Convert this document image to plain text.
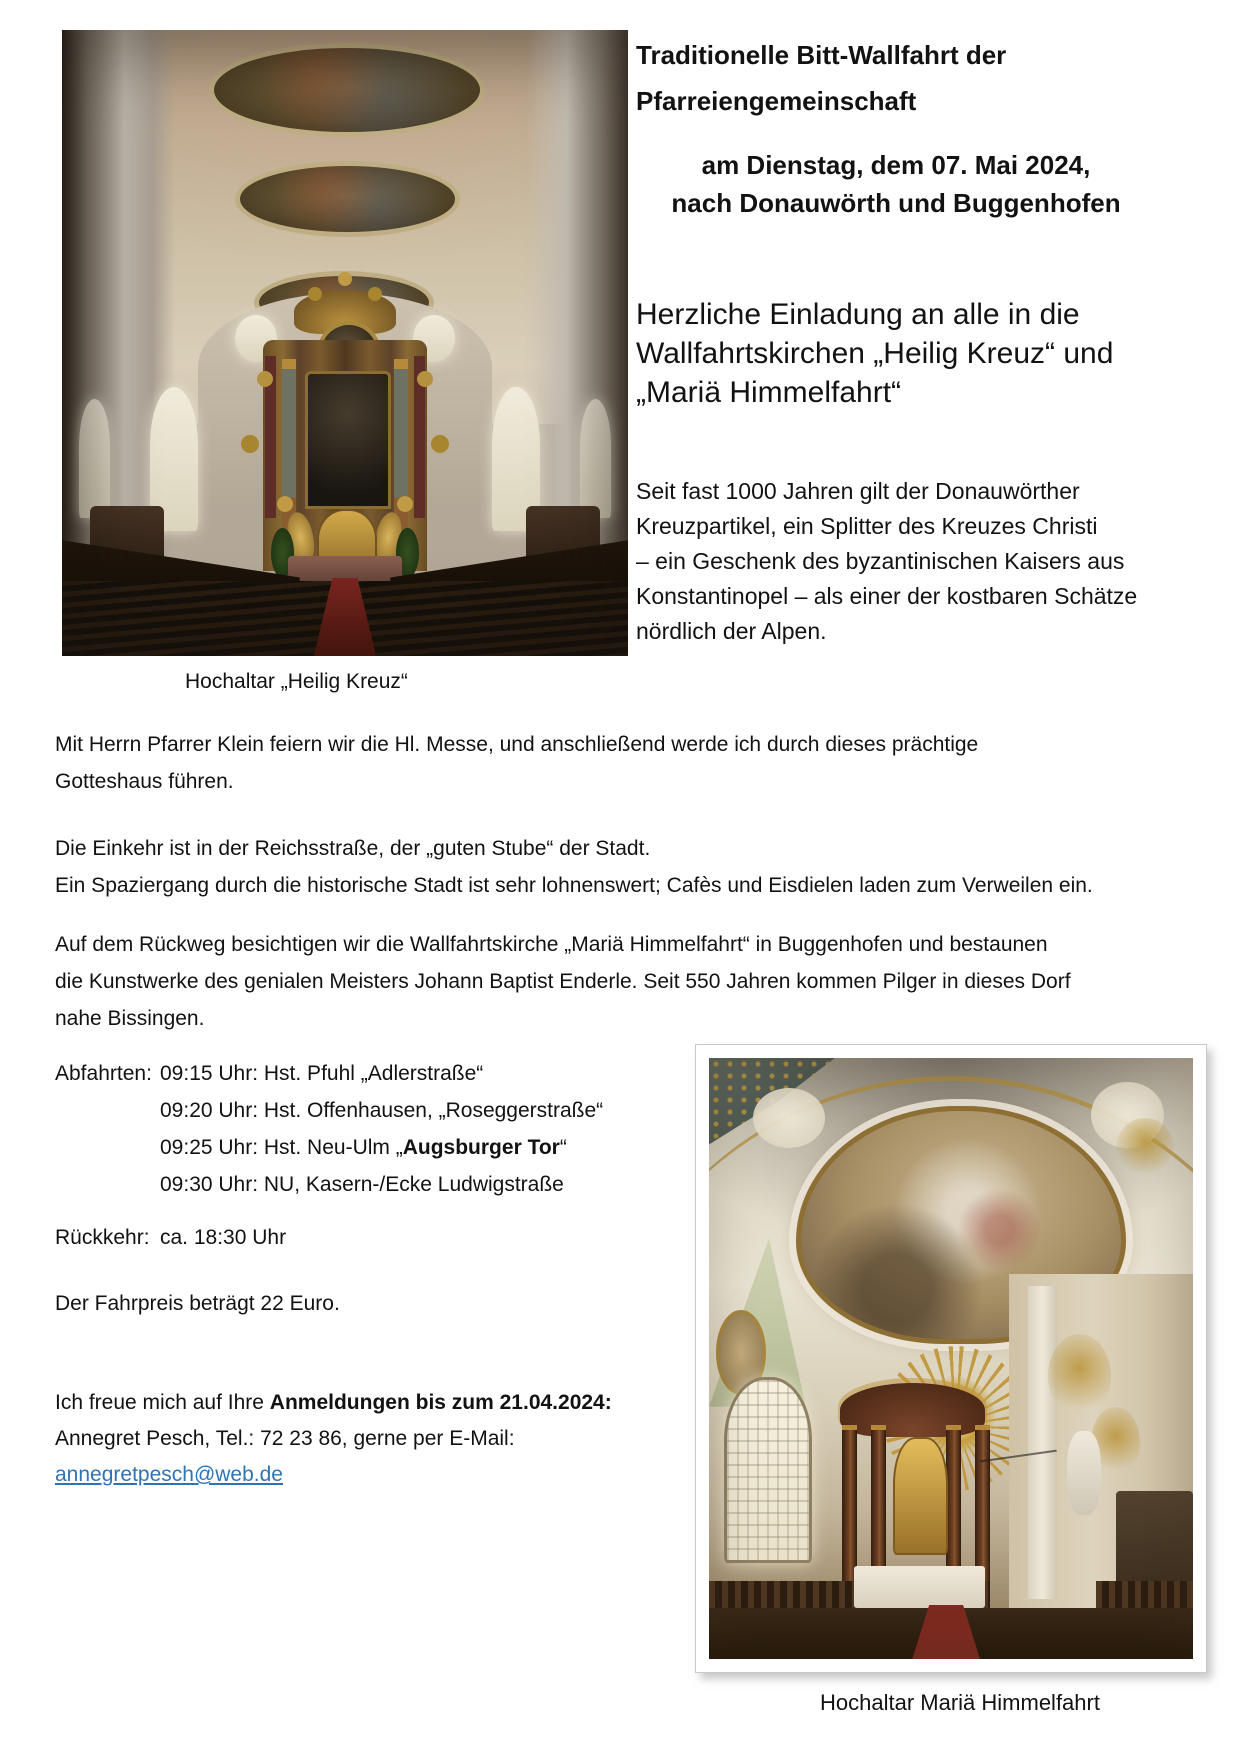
Hochaltar „Heilig Kreuz“
Traditionelle Bitt-Wallfahrt der
Pfarreiengemeinschaft
am Dienstag, dem 07. Mai 2024,
nach Donauwörth und Buggenhofen
Herzliche Einladung an alle in die
Wallfahrtskirchen „Heilig Kreuz“ und
„Mariä Himmelfahrt“
Seit fast 1000 Jahren gilt der Donauwörther
Kreuzpartikel, ein Splitter des Kreuzes Christi
– ein Geschenk des byzantinischen Kaisers aus
Konstantinopel – als einer der kostbaren Schätze
nördlich der Alpen.
Mit Herrn Pfarrer Klein feiern wir die Hl. Messe, und anschließend werde ich durch dieses prächtige
Gotteshaus führen.
Die Einkehr ist in der Reichsstraße, der „guten Stube“ der Stadt.
Ein Spaziergang durch die historische Stadt ist sehr lohnenswert; Cafès und Eisdielen laden zum Verweilen ein.
Auf dem Rückweg besichtigen wir die Wallfahrtskirche „Mariä Himmelfahrt“ in Buggenhofen und bestaunen
die Kunstwerke des genialen Meisters Johann Baptist Enderle. Seit 550 Jahren kommen Pilger in dieses Dorf
nahe Bissingen.
Abfahrten: 09:15 Uhr: Hst. Pfuhl „Adlerstraße“
09:20 Uhr: Hst. Offenhausen, „Roseggerstraße“
09:25 Uhr: Hst. Neu-Ulm „Augsburger Tor“
09:30 Uhr: NU, Kasern-/Ecke Ludwigstraße
Rückkehr: ca. 18:30 Uhr
Der Fahrpreis beträgt 22 Euro.
Ich freue mich auf Ihre Anmeldungen bis zum 21.04.2024:
Annegret Pesch, Tel.: 72 23 86, gerne per E-Mail:
annegretpesch@web.de
Hochaltar Mariä Himmelfahrt
